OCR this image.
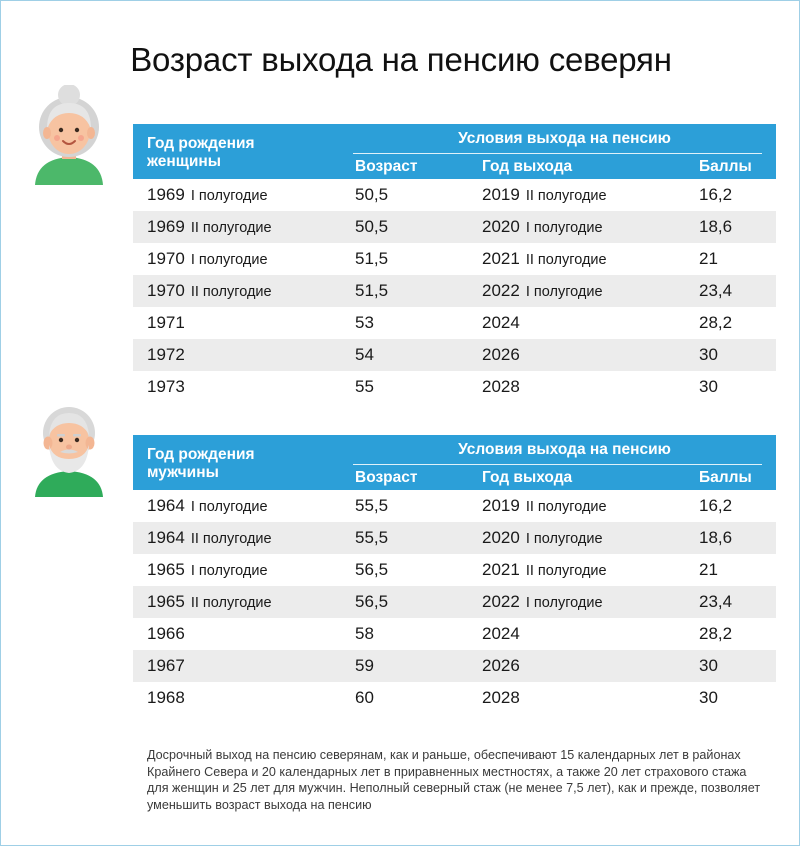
Возраст выхода на пенсию северян
Год рождения
женщины
Условия выхода на пенсию
Возраст	Год выхода	Баллы
1969 I полугодие	50,5	2019 II полугодие	16,2
1969 II полугодие	50,5	2020 I полугодие	18,6
1970 I полугодие	51,5	2021 II полугодие	21
1970 II полугодие	51,5	2022 I полугодие	23,4
1971	53	2024	28,2
1972	54	2026	30
1973	55	2028	30
Год рождения
мужчины
Условия выхода на пенсию
Возраст	Год выхода	Баллы
1964 I полугодие	55,5	2019 II полугодие	16,2
1964 II полугодие	55,5	2020 I полугодие	18,6
1965 I полугодие	56,5	2021 II полугодие	21
1965 II полугодие	56,5	2022 I полугодие	23,4
1966	58	2024	28,2
1967	59	2026	30
1968	60	2028	30

Досрочный выход на пенсию северянам, как и раньше, обеспечивают 15 календарных лет в районах Крайнего Севера и 20 календарных лет в приравненных местностях, а также 20 лет страхового стажа для женщин и 25 лет для мужчин. Неполный северный стаж (не менее 7,5 лет), как и прежде, позволяет уменьшить возраст выхода на пенсию
